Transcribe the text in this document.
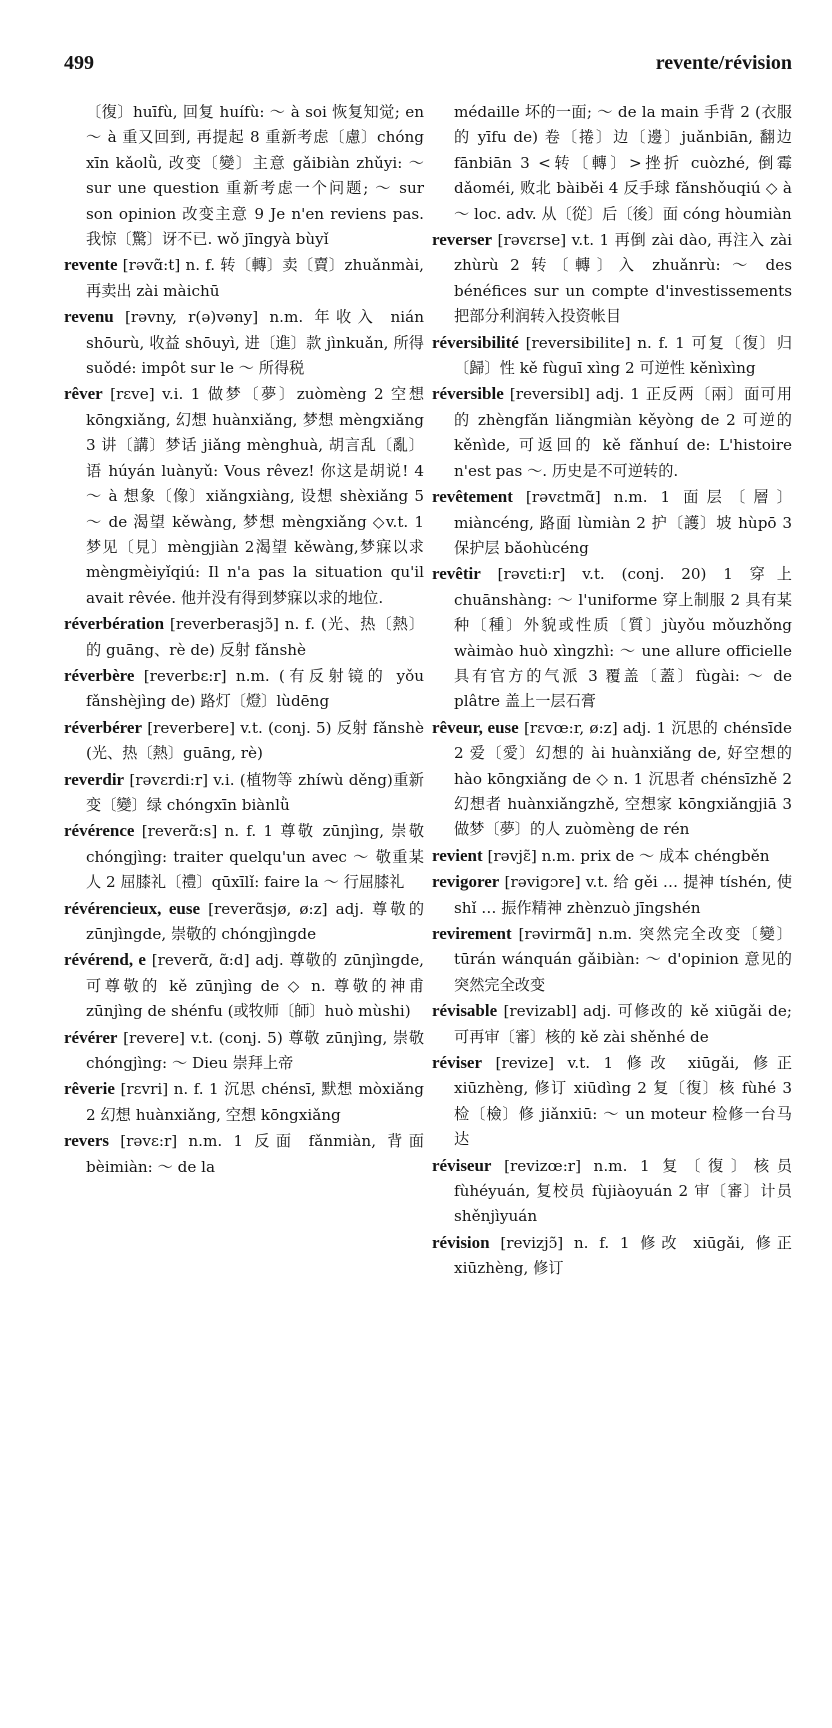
499	revente/révision

〔復〕huīfù, 回复 huífù: ～ à soi 恢复知觉; en ～ à 重又回到, 再提起 8 重新考虑〔慮〕chóng xīn kǎolǜ, 改变〔變〕主意 gǎibiàn zhǔyi: ～ sur une question 重新考虑一个问题; ～ sur son opinion 改变主意 9 Je n'en reviens pas. 我惊〔驚〕讶不已. wǒ jīngyà bùyǐ

revente [rəvɑ̃:t] n. f. 转〔轉〕卖〔賣〕zhuǎnmài, 再卖出 zài màichū

revenu [rəvny, r(ə)vəny] n.m. 年收入 nián shōurù, 收益 shōuyì, 进〔進〕款 jìnkuǎn, 所得 suǒdé: impôt sur le ～ 所得税

rêver [rɛve] v.i. 1 做梦〔夢〕zuòmèng 2 空想 kōngxiǎng, 幻想 huànxiǎng, 梦想 mèngxiǎng 3 讲〔講〕梦话 jiǎng mènghuà, 胡言乱〔亂〕语 húyán luànyǔ: Vous rêvez! 你这是胡说! 4 ～ à 想象〔像〕xiǎngxiàng, 设想 shèxiǎng 5 ～ de 渴望 kěwàng, 梦想 mèngxiǎng ◇v.t. 1 梦见〔見〕mèngjiàn 2渴望 kěwàng,梦寐以求 mèngmèiyǐqiú: Il n'a pas la situation qu'il avait rêvée. 他并没有得到梦寐以求的地位.

réverbération [reverberasjɔ̃] n. f. (光、热〔熱〕的 guāng、rè de) 反射 fǎnshè

réverbère [reverbɛ:r] n.m. (有反射镜的 yǒu fǎnshèjìng de) 路灯〔燈〕lùdēng

réverbérer [reverbere] v.t. (conj. 5) 反射 fǎnshè (光、热〔熱〕guāng, rè)

reverdir [rəvɛrdi:r] v.i. (植物等 zhíwù děng)重新变〔變〕绿 chóngxīn biànlǜ

révérence [reverɑ̃:s] n. f. 1 尊敬 zūnjìng, 崇敬 chóngjìng: traiter quelqu'un avec ～ 敬重某人 2 屈膝礼〔禮〕qūxīlǐ: faire la ～ 行屈膝礼

révérencieux, euse [reverɑ̃sjø, ø:z] adj. 尊敬的 zūnjìngde, 崇敬的 chóngjìngde

révérend, e [reverɑ̃, ɑ̃:d] adj. 尊敬的 zūnjìngde, 可尊敬的 kě zūnjìng de ◇ n. 尊敬的神甫 zūnjìng de shénfu (或牧师〔師〕huò mùshi)

révérer [revere] v.t. (conj. 5) 尊敬 zūnjìng, 崇敬 chóngjìng: ～ Dieu 崇拜上帝

rêverie [rɛvri] n. f. 1 沉思 chénsī, 默想 mòxiǎng 2 幻想 huànxiǎng, 空想 kōngxiǎng

revers [rəvɛ:r] n.m. 1 反面 fǎnmiàn, 背面 bèimiàn: ～ de la

médaille 坏的一面; ～ de la main 手背 2 (衣服的 yīfu de) 卷〔捲〕边〔邊〕juǎnbiān, 翻边 fānbiān 3 <转〔轉〕>挫折 cuòzhé, 倒霉 dǎoméi, 败北 bàiběi 4 反手球 fǎnshǒuqiú ◇ à ～ loc. adv. 从〔從〕后〔後〕面 cóng hòumiàn

reverser [rəvɛrse] v.t. 1 再倒 zài dào, 再注入 zài zhùrù 2 转〔轉〕入 zhuǎnrù: ～ des bénéfices sur un compte d'investissements 把部分利润转入投资帐目

réversibilité [reversibilite] n. f. 1 可复〔復〕归〔歸〕性 kě fùguī xìng 2 可逆性 kěnìxìng

réversible [reversibl] adj. 1 正反两〔兩〕面可用的 zhèngfǎn liǎngmiàn kěyòng de 2 可逆的 kěnìde, 可返回的 kě fǎnhuí de: L'histoire n'est pas ～. 历史是不可逆转的.

revêtement [rəvɛtmɑ̃] n.m. 1 面层〔層〕miàncéng, 路面 lùmiàn 2 护〔護〕坡 hùpō 3 保护层 bǎohùcéng

revêtir [rəvɛti:r] v.t. (conj. 20) 1 穿上 chuānshàng: ～ l'uniforme 穿上制服 2 具有某种〔種〕外貌或性质〔質〕jùyǒu mǒuzhǒng wàimào huò xìngzhì: ～ une allure officielle 具有官方的气派 3 覆盖〔蓋〕fùgài: ～ de plâtre 盖上一层石膏

rêveur, euse [rɛvœ:r, ø:z] adj. 1 沉思的 chénsīde 2 爱〔愛〕幻想的 ài huànxiǎng de, 好空想的 hào kōngxiǎng de ◇ n. 1 沉思者 chénsīzhě 2 幻想者 huànxiǎngzhě, 空想家 kōngxiǎngjiā 3 做梦〔夢〕的人 zuòmèng de rén

revient [rəvjɛ̃] n.m. prix de ～ 成本 chéngběn

revigorer [rəvigɔre] v.t. 给 gěi … 提神 tíshén, 使 shǐ … 振作精神 zhènzuò jīngshén

revirement [rəvirmɑ̃] n.m. 突然完全改变〔變〕tūrán wánquán gǎibiàn: ～ d'opinion 意见的突然完全改变

révisable [revizabl] adj. 可修改的 kě xiūgǎi de; 可再审〔審〕核的 kě zài shěnhé de

réviser [revize] v.t. 1 修改 xiūgǎi, 修正 xiūzhèng, 修订 xiūdìng 2 复〔復〕核 fùhé 3 检〔檢〕修 jiǎnxiū: ～ un moteur 检修一台马达

réviseur [revizœ:r] n.m. 1 复〔復〕核员 fùhéyuán, 复校员 fùjiàoyuán 2 审〔審〕计员 shěnjìyuán

révision [revizjɔ̃] n. f. 1 修改 xiūgǎi, 修正 xiūzhèng, 修订
